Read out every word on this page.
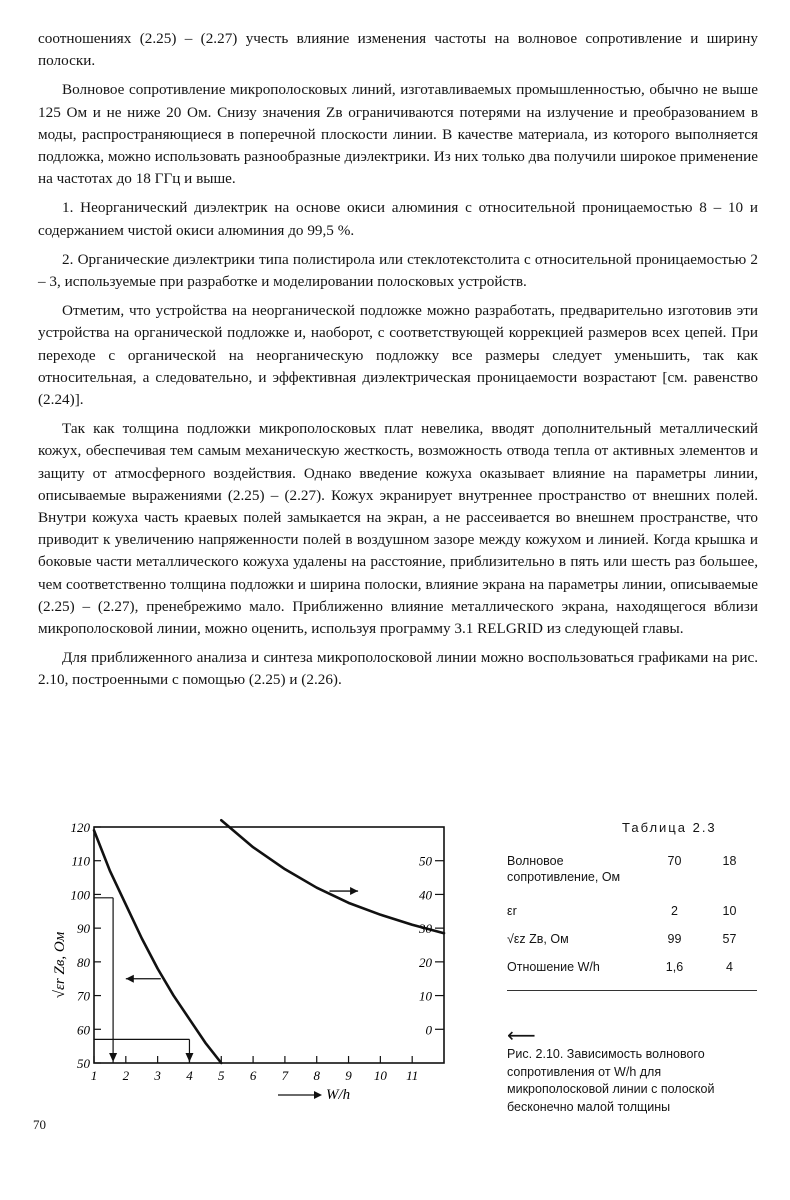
соотношениях (2.25) – (2.27) учесть влияние изменения частоты на волновое сопротивление и ширину полоски.

Волновое сопротивление микрополосковых линий, изготавливаемых промышленностью, обычно не выше 125 Ом и не ниже 20 Ом. Снизу значения Zв ограничиваются потерями на излучение и преобразованием в моды, распространяющиеся в поперечной плоскости линии. В качестве материала, из которого выполняется подложка, можно использовать разнообразные диэлектрики. Из них только два получили широкое применение на частотах до 18 ГГц и выше.

1. Неорганический диэлектрик на основе окиси алюминия с относительной проницаемостью 8 – 10 и содержанием чистой окиси алюминия до 99,5 %.

2. Органические диэлектрики типа полистирола или стеклотекстолита с относительной проницаемостью 2 – 3, используемые при разработке и моделировании полосковых устройств.

Отметим, что устройства на неорганической подложке можно разработать, предварительно изготовив эти устройства на органической подложке и, наоборот, с соответствующей коррекцией размеров всех цепей. При переходе с органической на неорганическую подложку все размеры следует уменьшить, так как относительная, а следовательно, и эффективная диэлектрическая проницаемости возрастают [см. равенство (2.24)].

Так как толщина подложки микрополосковых плат невелика, вводят дополнительный металлический кожух, обеспечивая тем самым механическую жесткость, возможность отвода тепла от активных элементов и защиту от атмосферного воздействия. Однако введение кожуха оказывает влияние на параметры линии, описываемые выражениями (2.25) – (2.27). Кожух экранирует внутреннее пространство от внешних полей. Внутри кожуха часть краевых полей замыкается на экран, а не рассеивается во внешнем пространстве, что приводит к увеличению напряженности полей в воздушном зазоре между кожухом и линией. Когда крышка и боковые части металлического кожуха удалены на расстояние, приблизительно в пять или шесть раз большее, чем соответственно толщина подложки и ширина полоски, влияние экрана на параметры линии, описываемые (2.25) – (2.27), пренебрежимо мало. Приближенно влияние металлического экрана, находящегося вблизи микрополосковой линии, можно оценить, используя программу 3.1 RELGRID из следующей главы.

Для приближенного анализа и синтеза микрополосковой линии можно воспользоваться графиками на рис. 2.10, построенными с помощью (2.25) и (2.26).

1 2 3 4 5 6 7 8 9 10 11
50
60
70
80
90
100
110
120
0
10
20
30
40
50
√εr Zв, Ом
W/h
Таблица 2.3
Волновое сопротивление, Ом	70	18
εr	2	10
√εz Zв, Ом	99	57
Отношение W/h	1,6	4
⟵
Рис. 2.10. Зависимость волнового сопротивления от W/h для микрополосковой линии с полоской бесконечно малой толщины
70
